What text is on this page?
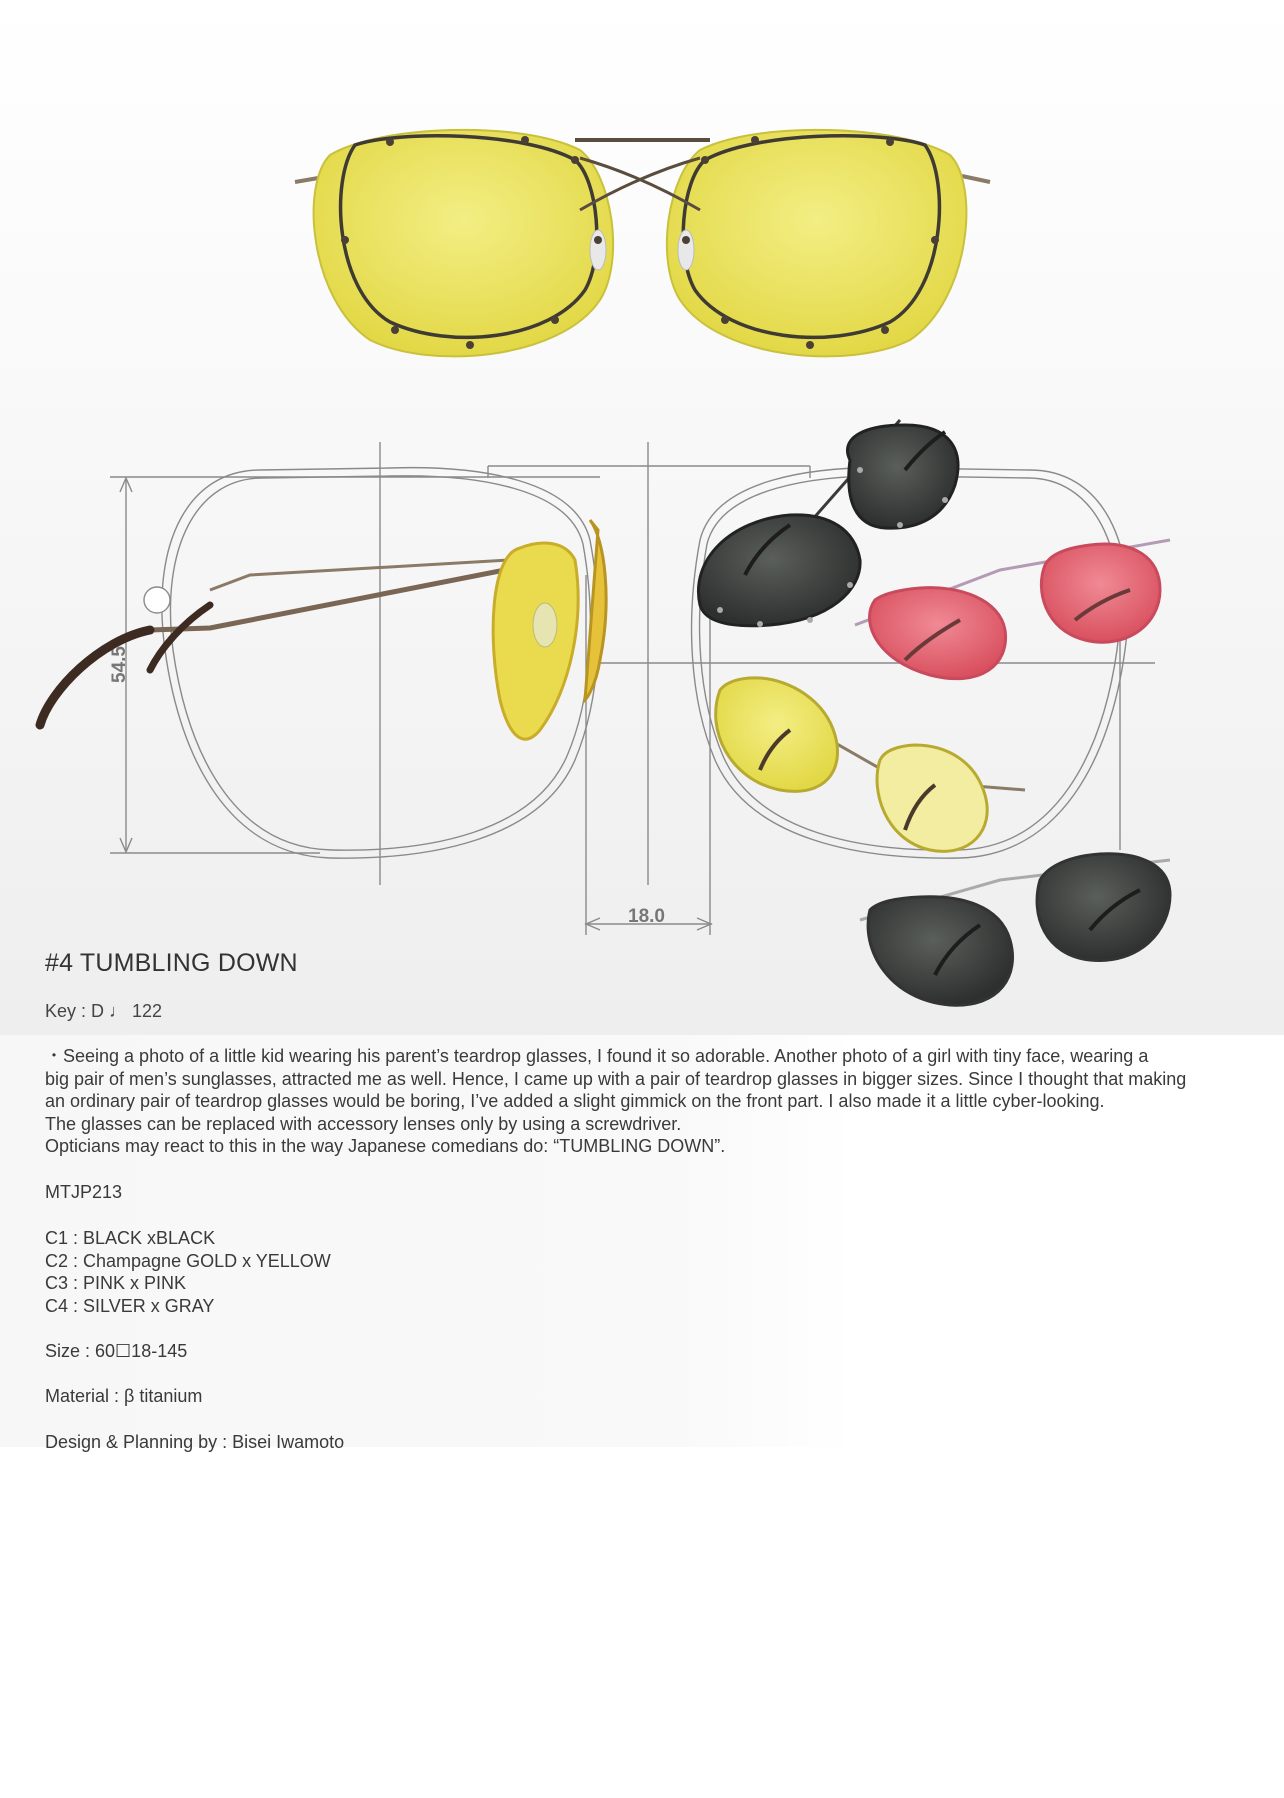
54.5
18.0
#4 TUMBLING DOWN
Key : D ♩ 122

・Seeing a photo of a little kid wearing his parent’s teardrop glasses, I found it so adorable. Another photo of a girl with tiny face, wearing a

big pair of men’s sunglasses, attracted me as well. Hence, I came up with a pair of teardrop glasses in bigger sizes. Since I thought that making

an ordinary pair of teardrop glasses would be boring, I’ve added a slight gimmick on the front part. I also made it a little cyber-looking.

The glasses can be replaced with accessory lenses only by using a screwdriver.

Opticians may react to this in the way Japanese comedians do: “TUMBLING DOWN”.

MTJP213
C1 : BLACK xBLACK
C2 : Champagne GOLD x YELLOW
C3 : PINK x PINK
C4 : SILVER x GRAY
Size : 60☐18-145
Material : β titanium
Design & Planning by : Bisei Iwamoto
